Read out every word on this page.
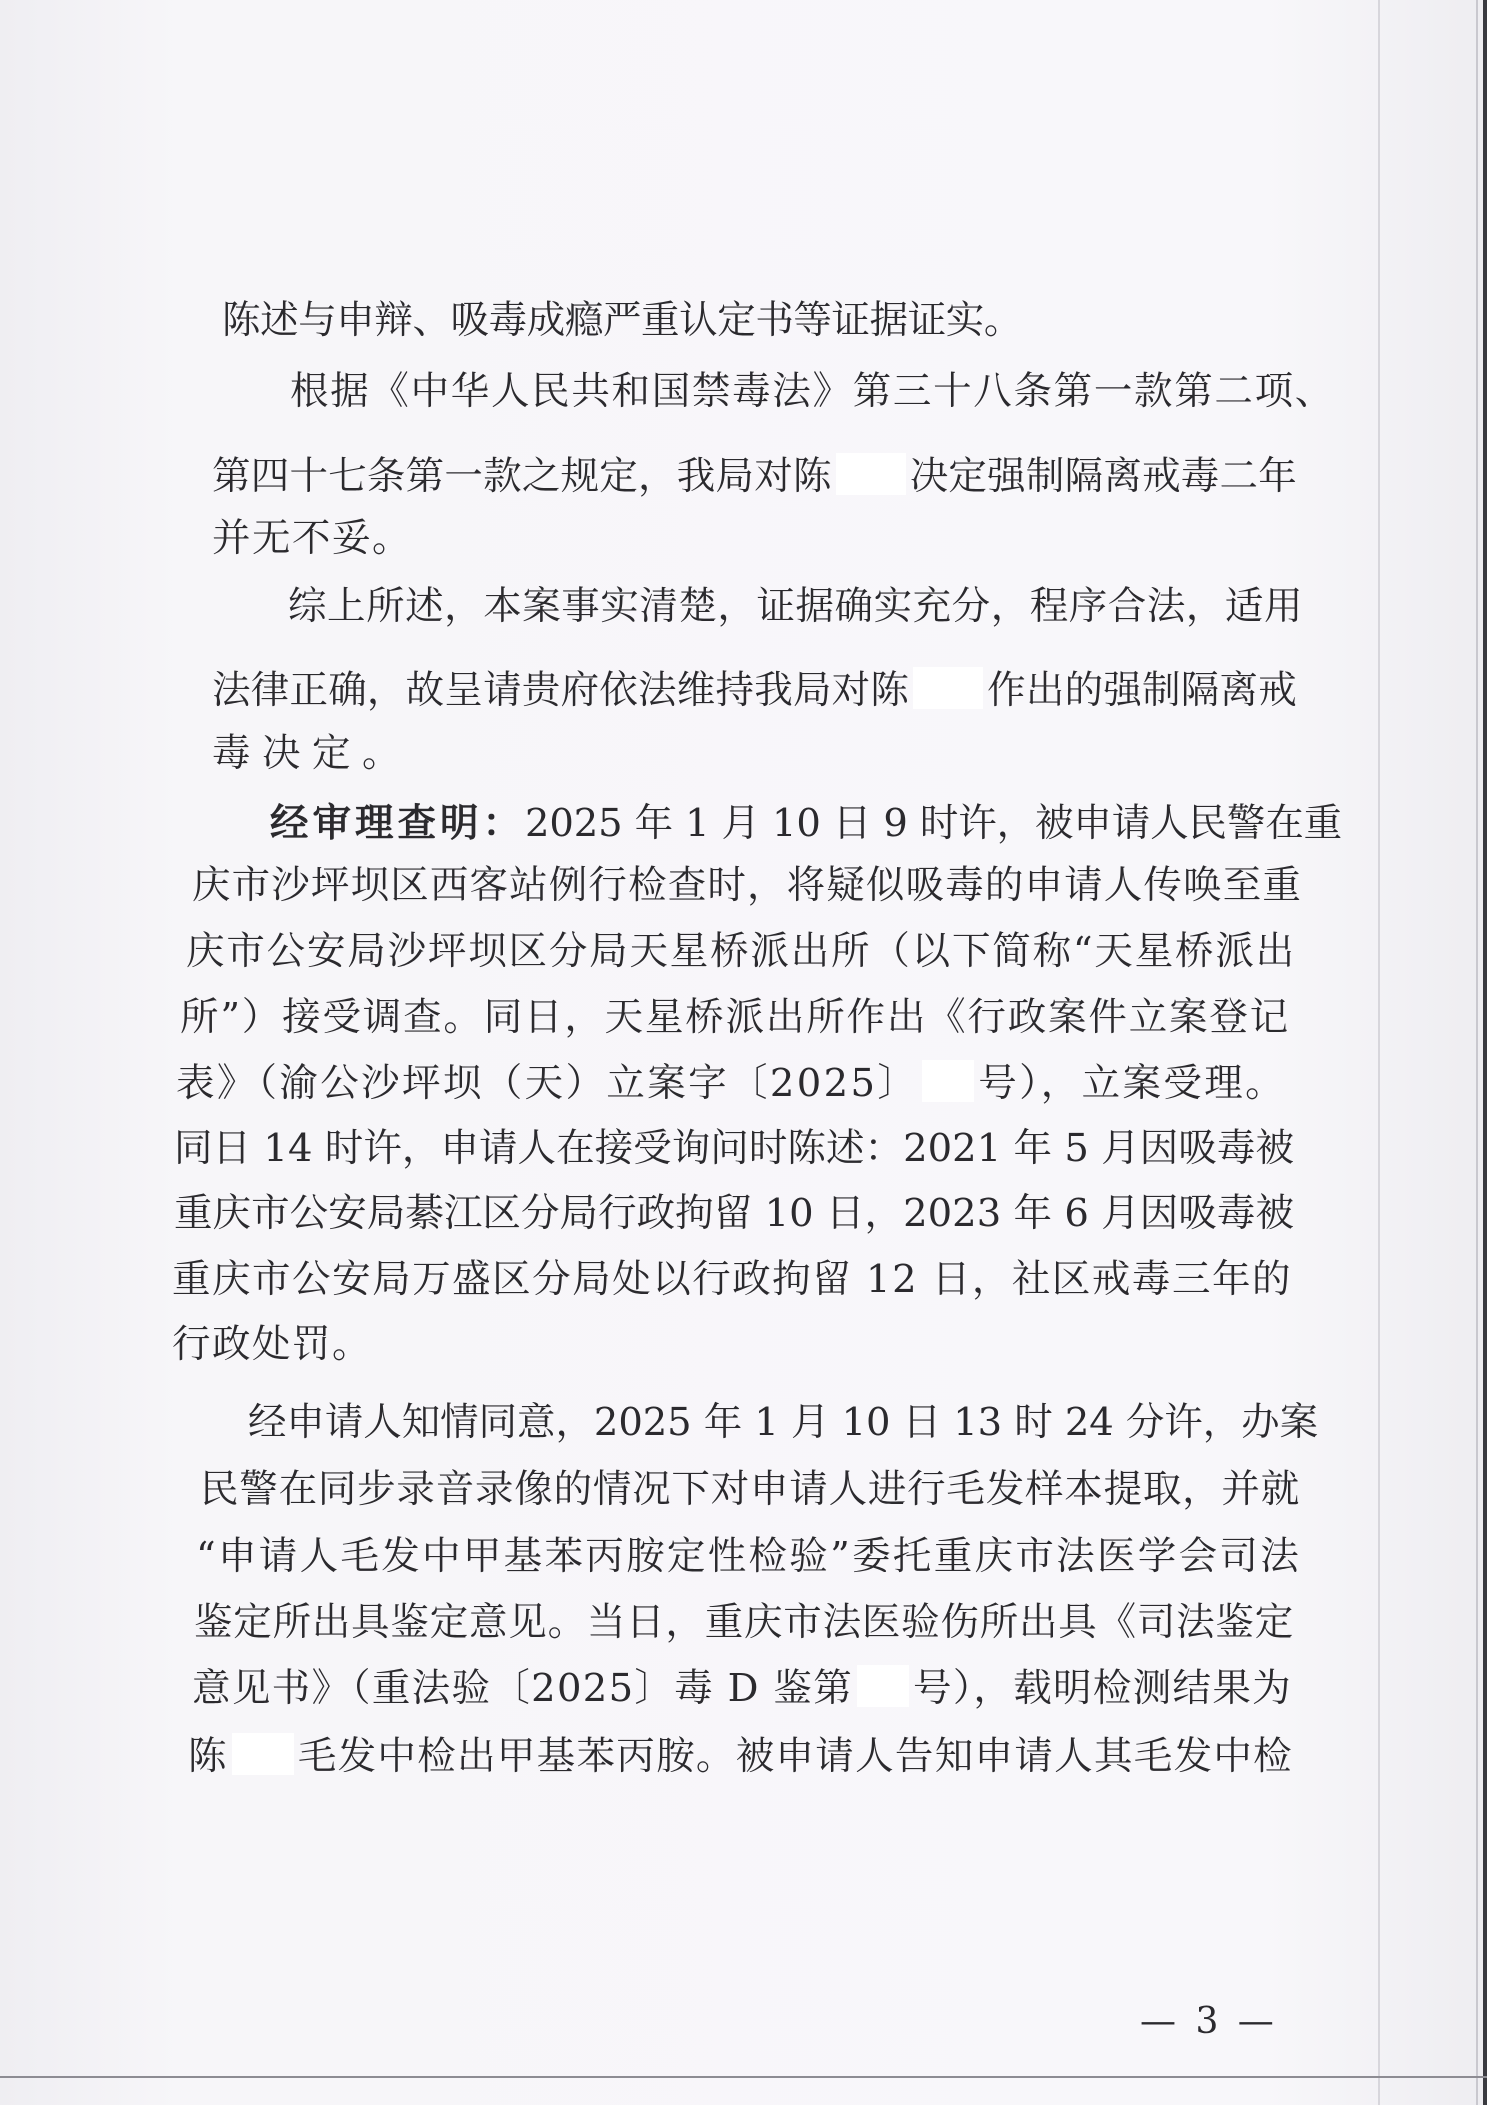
陈述与申辩、吸毒成瘾严重认定书等证据证实。
根据《中华人民共和国禁毒法》第三十八条第一款第二项、
第四十七条第一款之规定，我局对陈 决定强制隔离戒毒二年
并无不妥。
综上所述，本案事实清楚，证据确实充分，程序合法，适用
法律正确，故呈请贵府依法维持我局对陈 作出的强制隔离戒
毒决定。
经审理查明：2025 年 1 月 10 日 9 时许，被申请人民警在重
庆市沙坪坝区西客站例行检查时，将疑似吸毒的申请人传唤至重
庆市公安局沙坪坝区分局天星桥派出所（以下简称“天星桥派出
所”）接受调查。同日，天星桥派出所作出《行政案件立案登记
表》（渝公沙坪坝（天）立案字〔2025〕 号），立案受理。
同日 14 时许，申请人在接受询问时陈述：2021 年 5 月因吸毒被
重庆市公安局綦江区分局行政拘留 10 日，2023 年 6 月因吸毒被
重庆市公安局万盛区分局处以行政拘留 12 日，社区戒毒三年的
行政处罚。
经申请人知情同意，2025 年 1 月 10 日 13 时 24 分许，办案
民警在同步录音录像的情况下对申请人进行毛发样本提取，并就
“申请人毛发中甲基苯丙胺定性检验”委托重庆市法医学会司法
鉴定所出具鉴定意见。当日，重庆市法医验伤所出具《司法鉴定
意见书》（重法验〔2025〕毒 D 鉴第 号），载明检测结果为
陈 毛发中检出甲基苯丙胺。被申请人告知申请人其毛发中检
— 3 —
